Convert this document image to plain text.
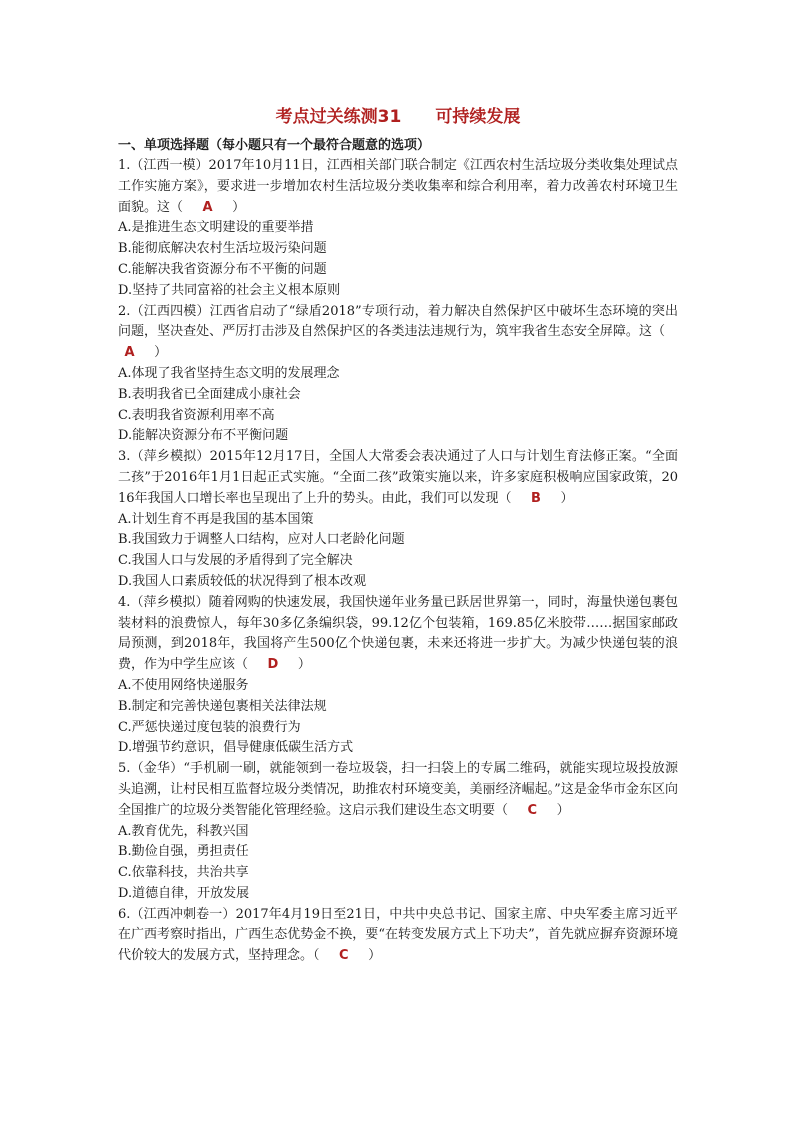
考点过关练测31　　可持续发展
一、单项选择题（每小题只有一个最符合题意的选项）
1.（江西一模）2017年10月11日，江西相关部门联合制定《江西农村生活垃圾分类收集处理试点工作实施方案》，要求进一步增加农村生活垃圾分类收集率和综合利用率，着力改善农村环境卫生面貌。这（   A   ）
A.是推进生态文明建设的重要举措
B.能彻底解决农村生活垃圾污染问题
C.能解决我省资源分布不平衡的问题
D.坚持了共同富裕的社会主义根本原则
2.（江西四模）江西省启动了“绿盾2018”专项行动，着力解决自然保护区中破坏生态环境的突出问题，坚决查处、严厉打击涉及自然保护区的各类违法违规行为，筑牢我省生态安全屏障。这（  A   ）
A.体现了我省坚持生态文明的发展理念
B.表明我省已全面建成小康社会
C.表明我省资源利用率不高
D.能解决资源分布不平衡问题
3.（萍乡模拟）2015年12月17日，全国人大常委会表决通过了人口与计划生育法修正案。“全面二孩”于2016年1月1日起正式实施。“全面二孩”政策实施以来，许多家庭积极响应国家政策，2016年我国人口增长率也呈现出了上升的势头。由此，我们可以发现（   B   ）
A.计划生育不再是我国的基本国策
B.我国致力于调整人口结构，应对人口老龄化问题
C.我国人口与发展的矛盾得到了完全解决
D.我国人口素质较低的状况得到了根本改观
4.（萍乡模拟）随着网购的快速发展，我国快递年业务量已跃居世界第一，同时，海量快递包裹包装材料的浪费惊人，每年30多亿条编织袋，99.12亿个包装箱，169.85亿米胶带……据国家邮政局预测，到2018年，我国将产生500亿个快递包裹，未来还将进一步扩大。为减少快递包装的浪费，作为中学生应该（   D   ）
A.不使用网络快递服务
B.制定和完善快递包裹相关法律法规
C.严惩快递过度包装的浪费行为
D.增强节约意识，倡导健康低碳生活方式
5.（金华）“手机刷一刷，就能领到一卷垃圾袋，扫一扫袋上的专属二维码，就能实现垃圾投放源头追溯，让村民相互监督垃圾分类情况，助推农村环境变美，美丽经济崛起。”这是金华市金东区向全国推广的垃圾分类智能化管理经验。这启示我们建设生态文明要（   C   ）
A.教育优先，科教兴国
B.勤俭自强，勇担责任
C.依靠科技，共治共享
D.道德自律，开放发展
6.（江西冲刺卷一）2017年4月19日至21日，中共中央总书记、国家主席、中央军委主席习近平在广西考察时指出，广西生态优势金不换，要“在转变发展方式上下功夫”，首先就应摒弃资源环境代价较大的发展方式，坚持理念。（   C   ）
